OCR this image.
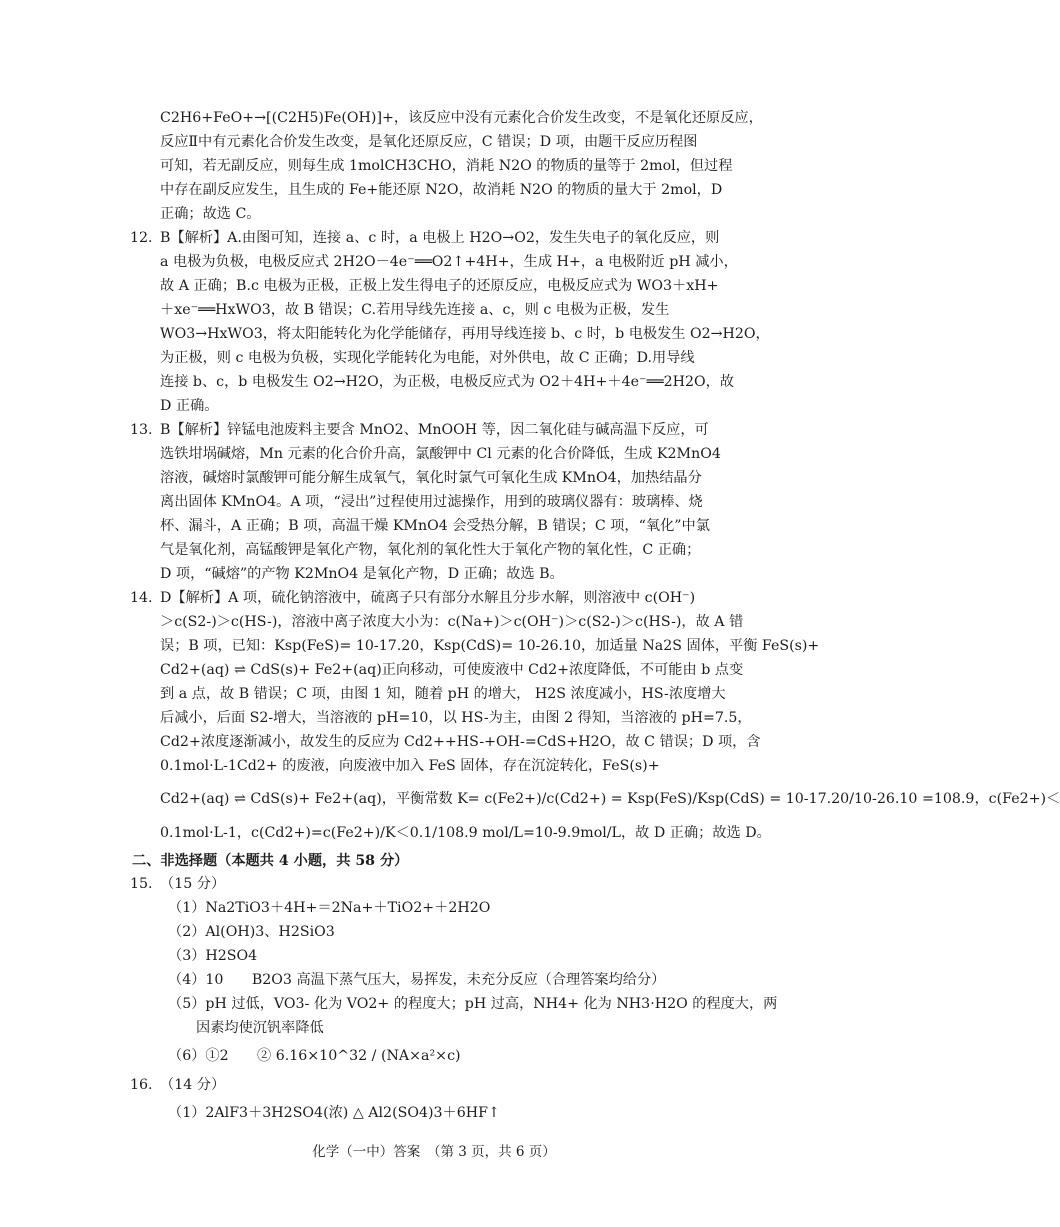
C2H6+FeO+→[(C2H5)Fe(OH)]+，该反应中没有元素化合价发生改变，不是氧化还原反应，
反应Ⅱ中有元素化合价发生改变，是氧化还原反应，C 错误；D 项，由题干反应历程图
可知，若无副反应，则每生成 1molCH3CHO，消耗 N2O 的物质的量等于 2mol，但过程
中存在副反应发生，且生成的 Fe+能还原 N2O，故消耗 N2O 的物质的量大于 2mol，D
正确；故选 C。
12. B【解析】A.由图可知，连接 a、c 时，a 电极上 H2O→O2，发生失电子的氧化反应，则
a 电极为负极，电极反应式 2H2O－4e⁻══O2↑+4H+，生成 H+，a 电极附近 pH 减小，
故 A 正确；B.c 电极为正极，正极上发生得电子的还原反应，电极反应式为 WO3＋xH+
＋xe⁻══HxWO3，故 B 错误；C.若用导线先连接 a、c，则 c 电极为正极，发生
WO3→HxWO3，将太阳能转化为化学能储存，再用导线连接 b、c 时，b 电极发生 O2→H2O，
为正极，则 c 电极为负极，实现化学能转化为电能，对外供电，故 C 正确；D.用导线
连接 b、c，b 电极发生 O2→H2O，为正极，电极反应式为 O2＋4H+＋4e⁻══2H2O，故
D 正确。
13. B【解析】锌锰电池废料主要含 MnO2、MnOOH 等，因二氧化硅与碱高温下反应，可
选铁坩埚碱熔，Mn 元素的化合价升高，氯酸钾中 Cl 元素的化合价降低，生成 K2MnO4
溶液，碱熔时氯酸钾可能分解生成氧气，氧化时氯气可氧化生成 KMnO4，加热结晶分
离出固体 KMnO4。A 项，“浸出”过程使用过滤操作，用到的玻璃仪器有：玻璃棒、烧
杯、漏斗，A 正确；B 项，高温干燥 KMnO4 会受热分解，B 错误；C 项，“氧化”中氯
气是氧化剂，高锰酸钾是氧化产物，氧化剂的氧化性大于氧化产物的氧化性，C 正确；
D 项，“碱熔”的产物 K2MnO4 是氧化产物，D 正确；故选 B。
14. D【解析】A 项，硫化钠溶液中，硫离子只有部分水解且分步水解，则溶液中 c(OH⁻)
＞c(S2-)＞c(HS-)，溶液中离子浓度大小为：c(Na+)＞c(OH⁻)＞c(S2-)＞c(HS-)，故 A 错
误；B 项，已知：Ksp(FeS)= 10-17.20，Ksp(CdS)= 10-26.10，加适量 Na2S 固体，平衡 FeS(s)+
Cd2+(aq) ⇌ CdS(s)+ Fe2+(aq)正向移动，可使废液中 Cd2+浓度降低，不可能由 b 点变
到 a 点，故 B 错误；C 项，由图 1 知，随着 pH 的增大， H2S 浓度减小，HS-浓度增大
后减小，后面 S2-增大，当溶液的 pH=10，以 HS-为主，由图 2 得知，当溶液的 pH=7.5，
Cd2+浓度逐渐减小，故发生的反应为 Cd2++HS-+OH-=CdS+H2O，故 C 错误；D 项，含
0.1mol·L-1Cd2+ 的废液，向废液中加入 FeS 固体，存在沉淀转化，FeS(s)+
Cd2+(aq) ⇌ CdS(s)+ Fe2+(aq)，平衡常数 K= c(Fe2+)/c(Cd2+) = Ksp(FeS)/Ksp(CdS) = 10-17.20/10-26.10 =108.9，c(Fe2+)＜
0.1mol·L-1，c(Cd2+)=c(Fe2+)/K＜0.1/108.9 mol/L=10-9.9mol/L，故 D 正确；故选 D。
二、非选择题（本题共 4 小题，共 58 分）
15. （15 分）
（1）Na2TiO3＋4H+＝2Na+＋TiO2+＋2H2O
（2）Al(OH)3、H2SiO3
（3）H2SO4
（4）10　　B2O3 高温下蒸气压大，易挥发，未充分反应（合理答案均给分）
（5）pH 过低，VO3- 化为 VO2+ 的程度大；pH 过高，NH4+ 化为 NH3·H2O 的程度大，两
因素均使沉钒率降低
（6）①2　　② 6.16×10^32 / (NA×a²×c)
16. （14 分）
（1）2AlF3＋3H2SO4(浓) △ Al2(SO4)3＋6HF↑
化学（一中）答案　（第 3 页，共 6 页）
